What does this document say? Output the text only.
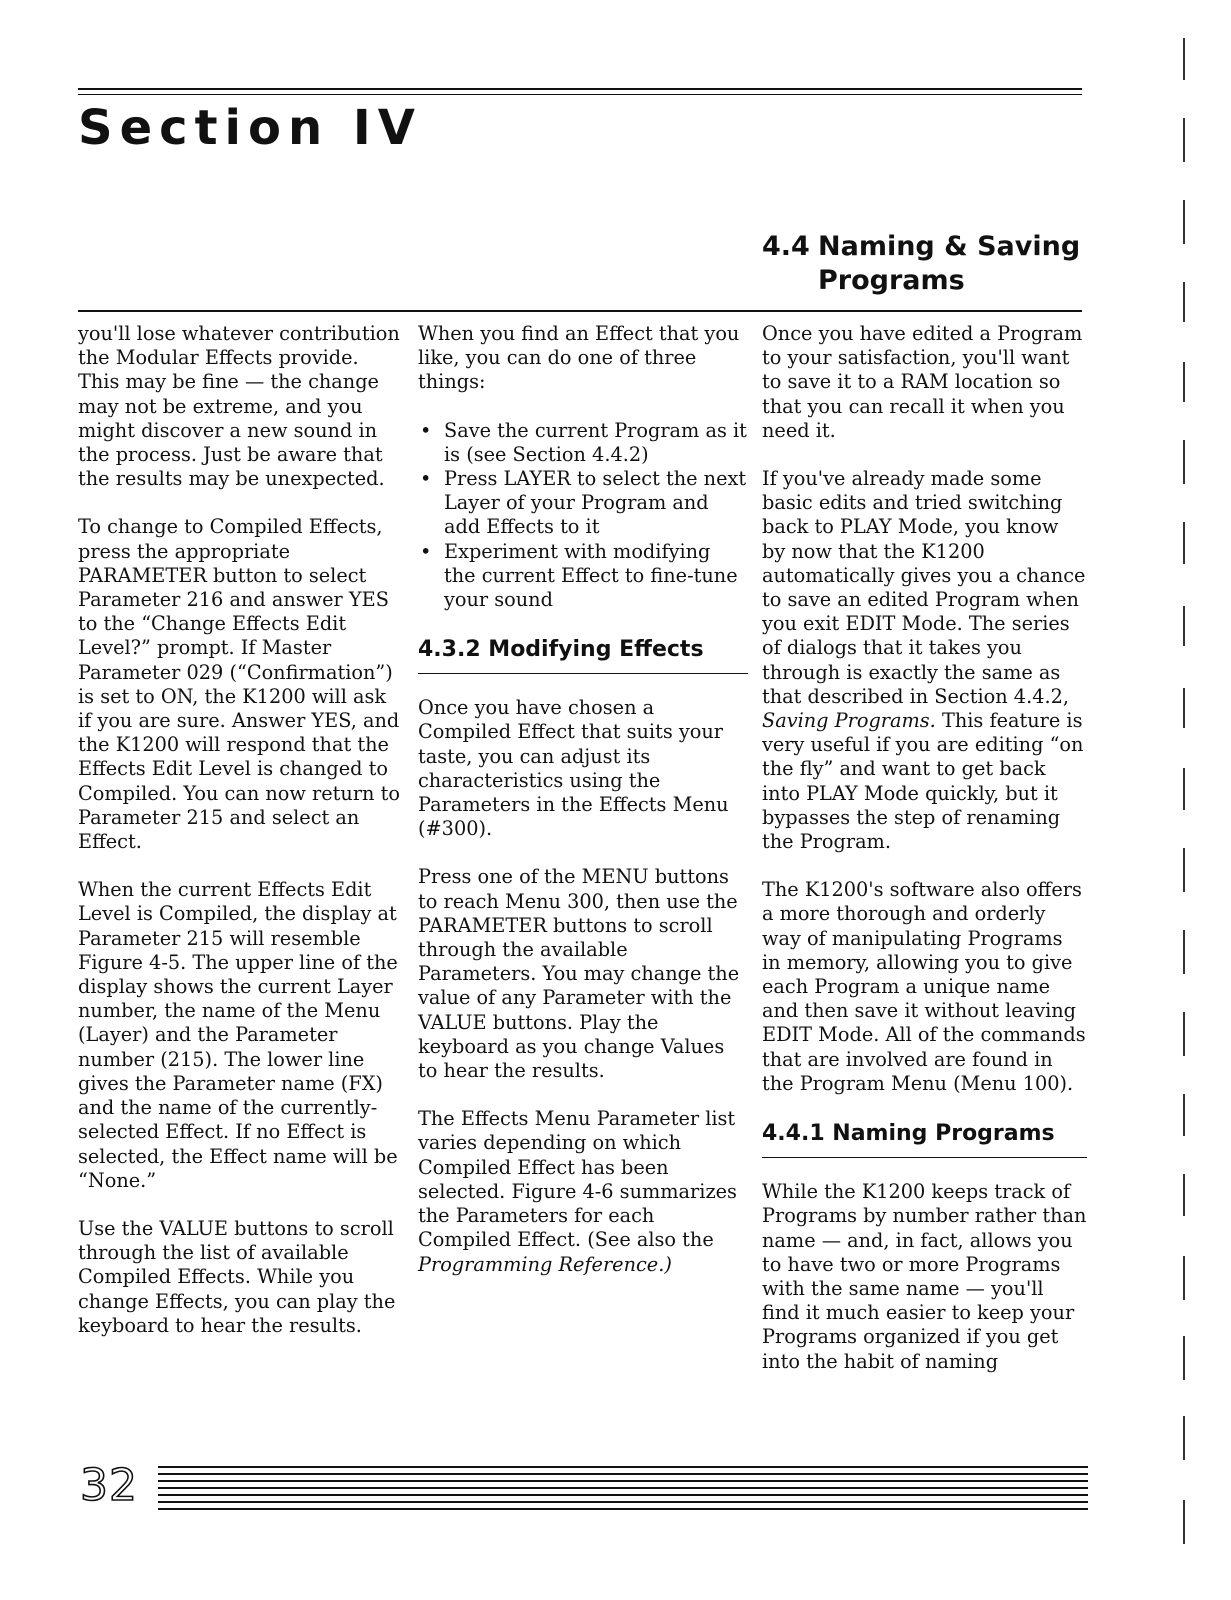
Section IV
4.4 Naming & Saving
Programs

you'll lose whatever contribution the Modular Effects provide. This may be fine — the change may not be extreme, and you might discover a new sound in the process. Just be aware that the results may be unexpected.

To change to Compiled Effects, press the appropriate PARAMETER button to select Parameter 216 and answer YES to the “Change Effects Edit Level?” prompt. If Master Parameter 029 (“Confirmation”) is set to ON, the K1200 will ask if you are sure. Answer YES, and the K1200 will respond that the Effects Edit Level is changed to Compiled. You can now return to Parameter 215 and select an Effect.

When the current Effects Edit Level is Compiled, the display at Parameter 215 will resemble Figure 4-5. The upper line of the display shows the current Layer number, the name of the Menu (Layer) and the Parameter number (215). The lower line gives the Parameter name (FX) and the name of the currently-selected Effect. If no Effect is selected, the Effect name will be “None.”

Use the VALUE buttons to scroll through the list of available Compiled Effects. While you change Effects, you can play the keyboard to hear the results.

When you find an Effect that you like, you can do one of three things:

• Save the current Program as it is (see Section 4.4.2)
• Press LAYER to select the next Layer of your Program and add Effects to it
• Experiment with modifying the current Effect to fine-tune your sound
4.3.2 Modifying Effects

Once you have chosen a Compiled Effect that suits your taste, you can adjust its characteristics using the Parameters in the Effects Menu (#300).

Press one of the MENU buttons to reach Menu 300, then use the PARAMETER buttons to scroll through the available Parameters. You may change the value of any Parameter with the VALUE buttons. Play the keyboard as you change Values to hear the results.

The Effects Menu Parameter list varies depending on which Compiled Effect has been selected. Figure 4-6 summarizes the Parameters for each Compiled Effect. (See also the Programming Reference.)

Once you have edited a Program to your satisfaction, you'll want to save it to a RAM location so that you can recall it when you need it.

If you've already made some basic edits and tried switching back to PLAY Mode, you know by now that the K1200 automatically gives you a chance to save an edited Program when you exit EDIT Mode. The series of dialogs that it takes you through is exactly the same as that described in Section 4.4.2, Saving Programs. This feature is very useful if you are editing “on the fly” and want to get back into PLAY Mode quickly, but it bypasses the step of renaming the Program.

The K1200's software also offers a more thorough and orderly way of manipulating Programs in memory, allowing you to give each Program a unique name and then save it without leaving EDIT Mode. All of the commands that are involved are found in the Program Menu (Menu 100).

4.4.1 Naming Programs

While the K1200 keeps track of Programs by number rather than name — and, in fact, allows you to have two or more Programs with the same name — you'll find it much easier to keep your Programs organized if you get into the habit of naming

32
